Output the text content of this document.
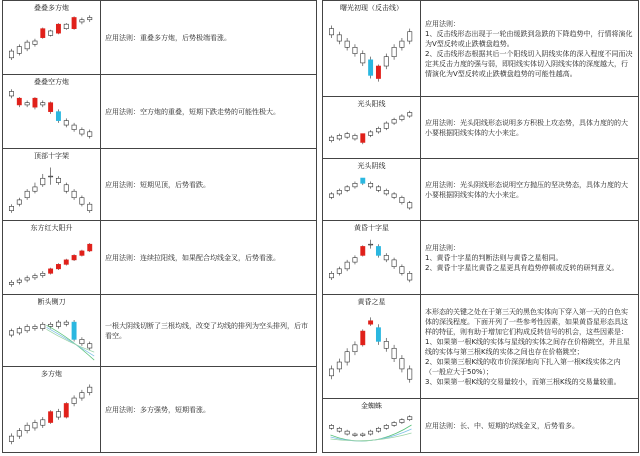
叠叠多方炮	应用法则：重叠多方炮，后势极端看涨。

叠叠空方炮	应用法则：空方炮的重叠，短期下跌走势的可能性极大。

顶部十字架	应用法则：短期见顶，后势看跌。

东方红大阳升	应用法则：连续拉阳线，如果配合均线金叉，后势看涨。

断头铡刀	一根大阴线切断了三根均线，改变了均线的排列为空头排列，后市看空。

多方炮	应用法则：多方强势，短期看涨。
曙光初现（反击线）	应用法则：
1、反击线形态出现于一轮由缓跌到急跌的下降趋势中，行情将演化为V型反转或止跌横盘趋势。
2、反击线形态根据其后一个阳线切入阴线实体的深入程度不同而决定其反击力度的强与弱，即阳线实体切入阴线实体的深度越大，行情演化为V型反转或止跌横盘趋势的可能性越高。

光头阳线	应用法则：光头阳线形态说明多方积极上攻态势，具体力度的的大小要根据阳线实体的大小来定。

光头阴线	应用法则：光头阴线形态说明空方抛压的坚决势态，具体力度的大小要根据阴线实体的大小来定。

黄昏十字星	应用法则：
1、黄昏十字星的判断法则与黄昏之星相同。
2、黄昏十字星比黄昏之星更具有趋势停顿或反转的研判意义。

黄昏之星	本形态的关键之处在于第三天的黑色实体向下穿入第一天的白色实体的深浅程度。下面开列了一些参考性因素，如果黄昏星形态具这样的特征，则有助于增加它们构成反转信号的机会，这些因素是：
1、如果第一根K线的实体与星线的实体之间存在价格跳空，并且星线的实体与第三根K线的实体之间也存在价格跳空；
2、如果第三根K线的收市价深深地向下扎入第一根K线实体之内（一般应大于50%）；
3、如果第一根K线的交易量较小，而第三根K线的交易量较重。

金蜘蛛	应用法则：长、中、短期的均线金叉，后势看多。
